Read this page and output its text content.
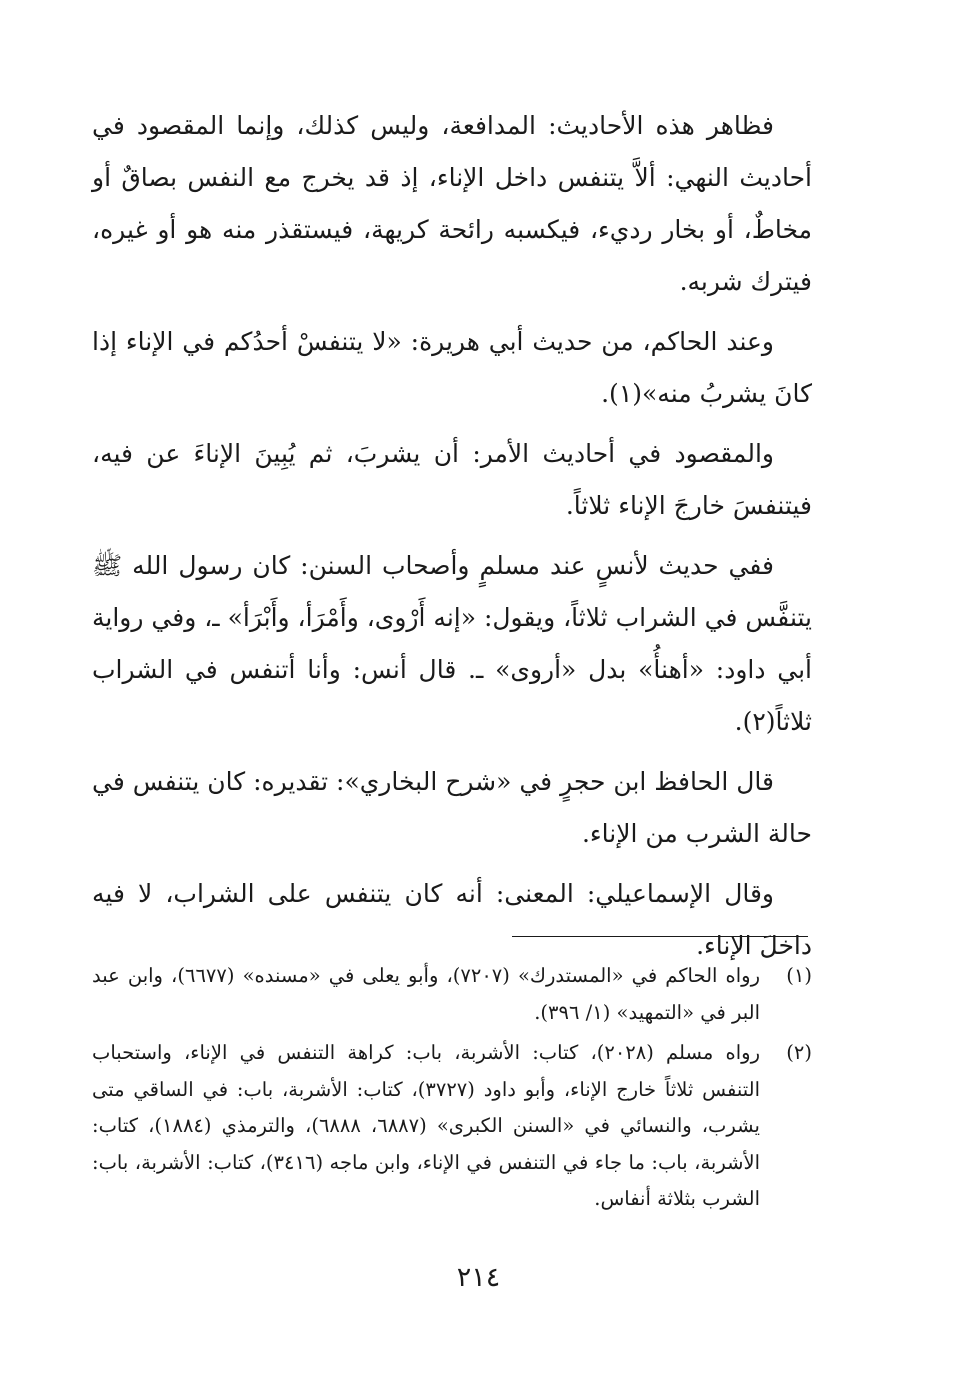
فظاهر هذه الأحاديث: المدافعة، وليس كذلك، وإنما المقصود في أحاديث النهي: ألاَّ يتنفس داخل الإناء، إذ قد يخرج مع النفس بصاقٌ أو مخاطٌ، أو بخار رديء، فيكسبه رائحة كريهة، فيستقذر منه هو أو غيره، فيترك شربه.

وعند الحاكم، من حديث أبي هريرة: «لا يتنفسْ أحدُكم في الإناء إذا كانَ يشربُ منه»(١).

والمقصود في أحاديث الأمر: أن يشربَ، ثم يُبِينَ الإناءَ عن فيه، فيتنفسَ خارجَ الإناء ثلاثاً.

ففي حديث لأنسٍ عند مسلمٍ وأصحاب السنن: كان رسول الله ﷺ يتنفَّس في الشراب ثلاثاً، ويقول: «إنه أَرْوى، وأَمْرَأ، وأَبْرَأ» ـ، وفي رواية أبي داود: «أهنأُ» بدل «أروى» ـ. قال أنس: وأنا أتنفس في الشراب ثلاثاً(٢).

قال الحافظ ابن حجرٍ في «شرح البخاري»: تقديره: كان يتنفس في حالة الشرب من الإناء.

وقال الإسماعيلي: المعنى: أنه كان يتنفس على الشراب، لا فيه داخلَ الإناء.

(١)
رواه الحاكم في «المستدرك» (٧٢٠٧)، وأبو يعلى في «مسنده» (٦٦٧٧)، وابن عبد البر في «التمهيد» (١/ ٣٩٦).
(٢)
رواه مسلم (٢٠٢٨)، كتاب: الأشربة، باب: كراهة التنفس في الإناء، واستحباب التنفس ثلاثاً خارج الإناء، وأبو داود (٣٧٢٧)، كتاب: الأشربة، باب: في الساقي متى يشرب، والنسائي في «السنن الكبرى» (٦٨٨٧، ٦٨٨٨)، والترمذي (١٨٨٤)، كتاب: الأشربة، باب: ما جاء في التنفس في الإناء، وابن ماجه (٣٤١٦)، كتاب: الأشربة، باب: الشرب بثلاثة أنفاس.
٢١٤
